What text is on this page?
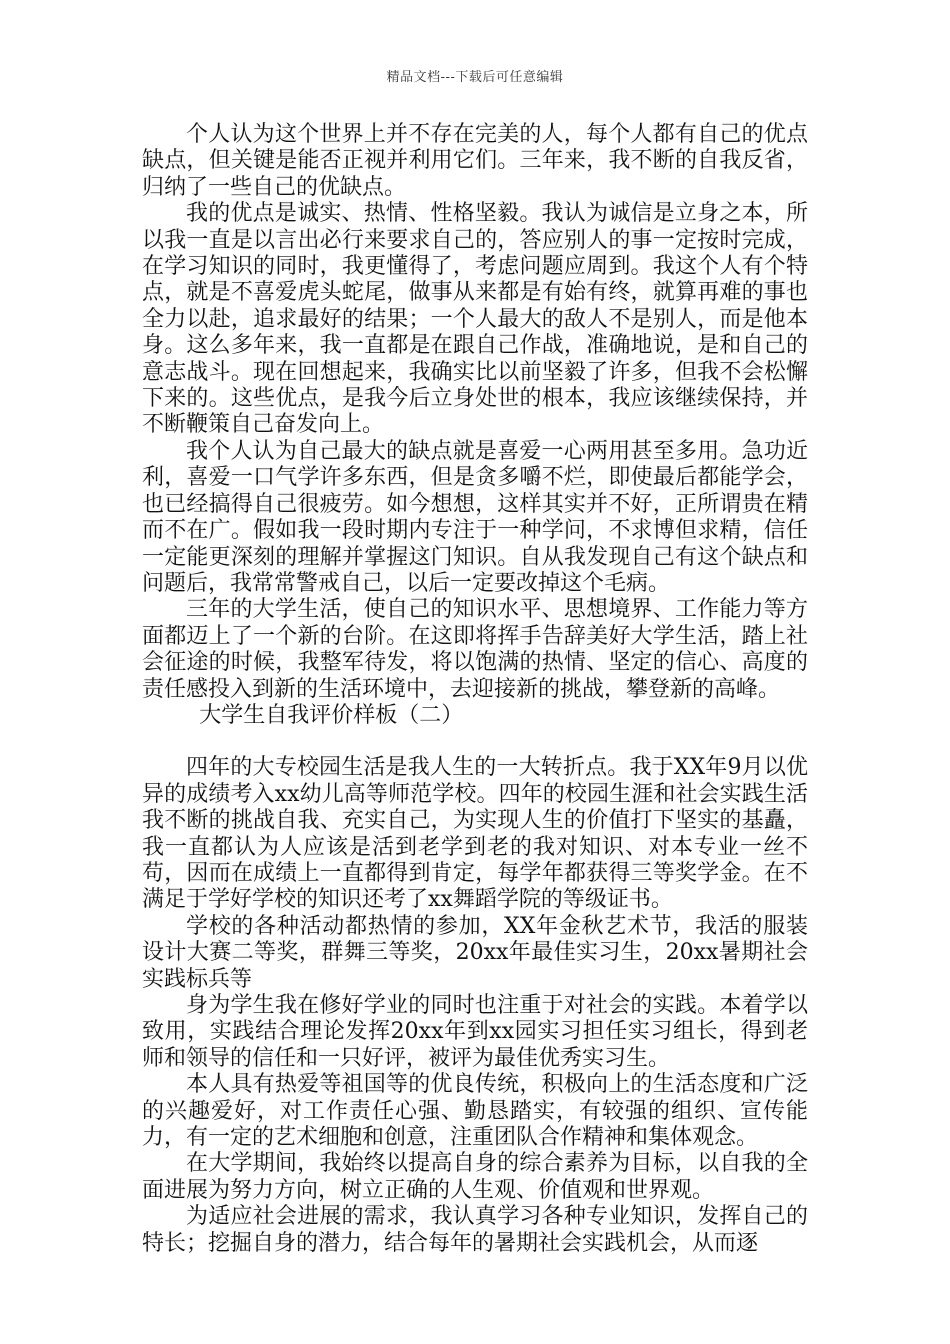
精品文档---下载后可任意编辑

个人认为这个世界上并不存在完美的人，每个人都有自己的优点缺点，但关键是能否正视并利用它们。三年来，我不断的自我反省，归纳了一些自己的优缺点。

我的优点是诚实、热情、性格坚毅。我认为诚信是立身之本，所以我一直是以言出必行来要求自己的，答应别人的事一定按时完成，在学习知识的同时，我更懂得了，考虑问题应周到。我这个人有个特点，就是不喜爱虎头蛇尾，做事从来都是有始有终，就算再难的事也全力以赴，追求最好的结果；一个人最大的敌人不是别人，而是他本身。这么多年来，我一直都是在跟自己作战，准确地说，是和自己的意志战斗。现在回想起来，我确实比以前坚毅了许多，但我不会松懈下来的。这些优点，是我今后立身处世的根本，我应该继续保持，并不断鞭策自己奋发向上。

我个人认为自己最大的缺点就是喜爱一心两用甚至多用。急功近利，喜爱一口气学许多东西，但是贪多嚼不烂，即使最后都能学会，也已经搞得自己很疲劳。如今想想，这样其实并不好，正所谓贵在精而不在广。假如我一段时期内专注于一种学问，不求博但求精，信任一定能更深刻的理解并掌握这门知识。自从我发现自己有这个缺点和问题后，我常常警戒自己，以后一定要改掉这个毛病。

三年的大学生活，使自己的知识水平、思想境界、工作能力等方面都迈上了一个新的台阶。在这即将挥手告辞美好大学生活，踏上社会征途的时候，我整军待发，将以饱满的热情、坚定的信心、高度的责任感投入到新的生活环境中，去迎接新的挑战，攀登新的高峰。

大学生自我评价样板（二）

四年的大专校园生活是我人生的一大转折点。我于XX年9月以优异的成绩考入xx幼儿高等师范学校。四年的校园生涯和社会实践生活我不断的挑战自我、充实自己，为实现人生的价值打下坚实的基矗，我一直都认为人应该是活到老学到老的我对知识、对本专业一丝不苟，因而在成绩上一直都得到肯定，每学年都获得三等奖学金。在不满足于学好学校的知识还考了xx舞蹈学院的等级证书。

学校的各种活动都热情的参加，XX年金秋艺术节，我活的服装设计大赛二等奖，群舞三等奖，20xx年最佳实习生，20xx暑期社会实践标兵等

身为学生我在修好学业的同时也注重于对社会的实践。本着学以致用，实践结合理论发挥20xx年到xx园实习担任实习组长，得到老师和领导的信任和一只好评，被评为最佳优秀实习生。

本人具有热爱等祖国等的优良传统，积极向上的生活态度和广泛的兴趣爱好，对工作责任心强、勤恳踏实，有较强的组织、宣传能力，有一定的艺术细胞和创意，注重团队合作精神和集体观念。

在大学期间，我始终以提高自身的综合素养为目标，以自我的全面进展为努力方向，树立正确的人生观、价值观和世界观。

为适应社会进展的需求，我认真学习各种专业知识，发挥自己的特长；挖掘自身的潜力，结合每年的暑期社会实践机会，从而逐
